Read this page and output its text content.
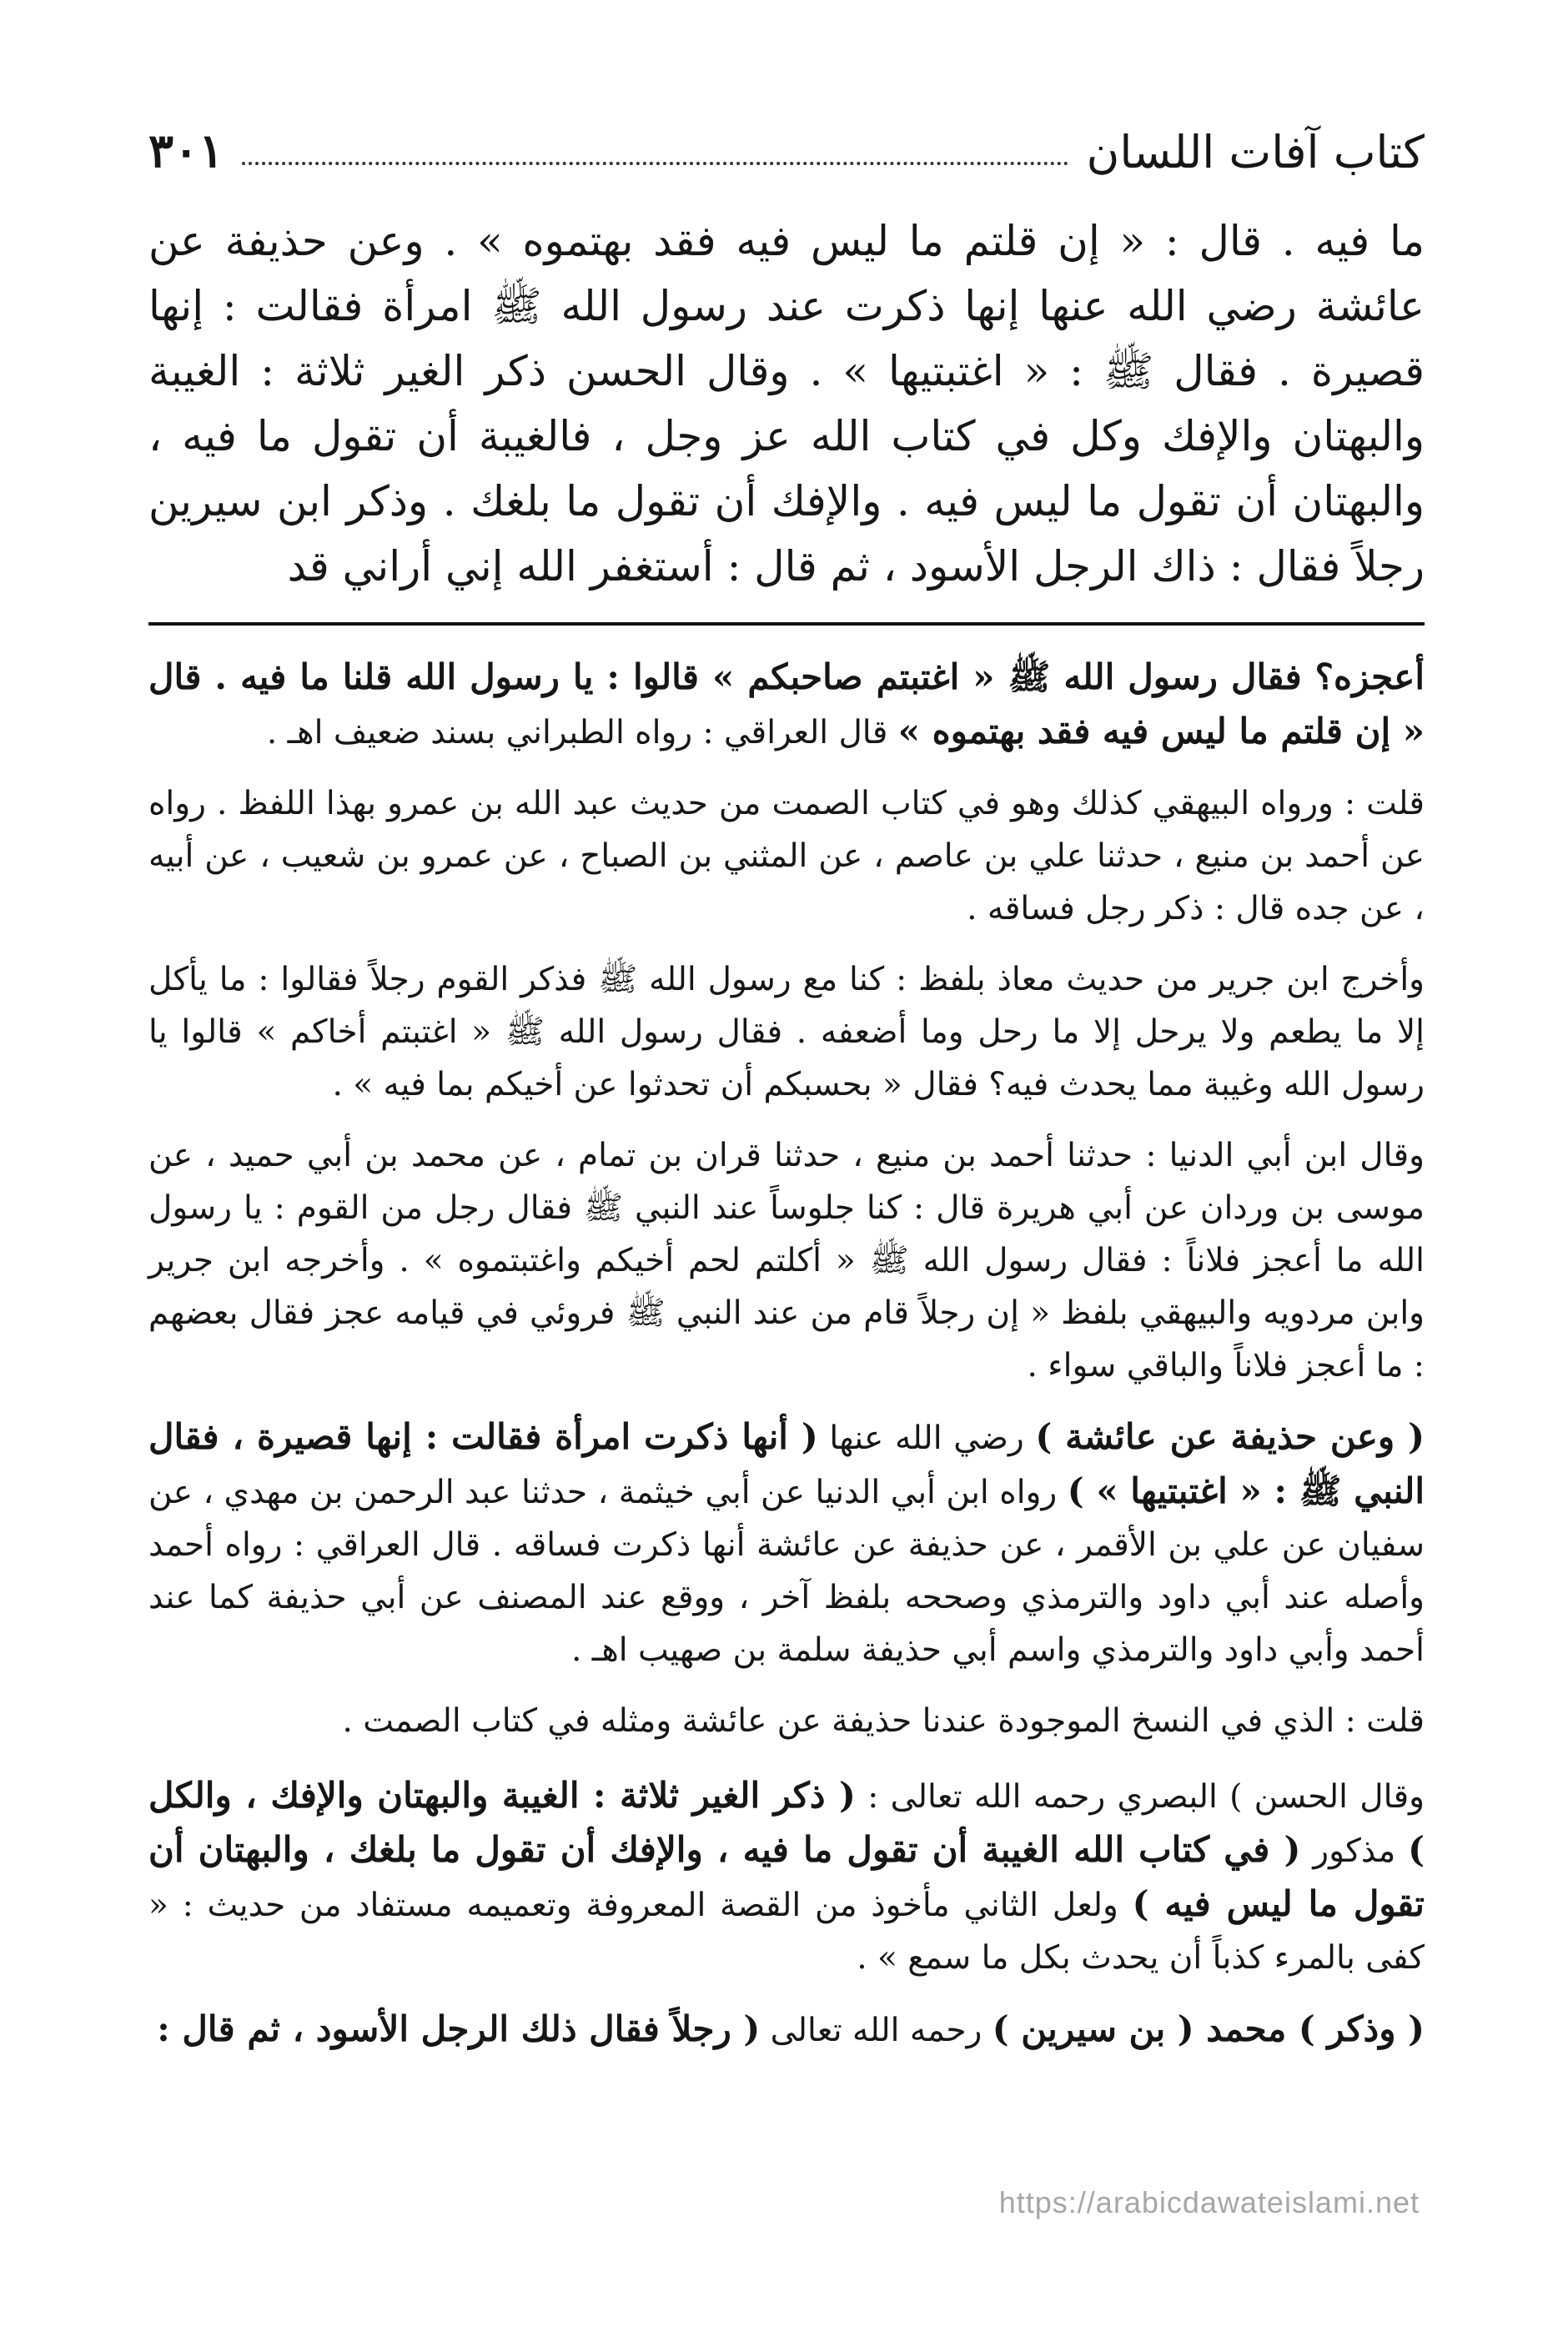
كتاب آفات اللسان
٣٠١

ما فيه . قال : « إن قلتم ما ليس فيه فقد بهتموه » . وعن حذيفة عن عائشة رضي الله عنها إنها ذكرت عند رسول الله ﷺ امرأة فقالت : إنها قصيرة . فقال ﷺ : « اغتبتيها » . وقال الحسن ذكر الغير ثلاثة : الغيبة والبهتان والإفك وكل في كتاب الله عز وجل ، فالغيبة أن تقول ما فيه ، والبهتان أن تقول ما ليس فيه . والإفك أن تقول ما بلغك . وذكر ابن سيرين رجلاً فقال : ذاك الرجل الأسود ، ثم قال : أستغفر الله إني أراني قد

أعجزه؟ فقال رسول الله ﷺ « اغتبتم صاحبكم » قالوا : يا رسول الله قلنا ما فيه . قال « إن قلتم ما ليس فيه فقد بهتموه » قال العراقي : رواه الطبراني بسند ضعيف اهـ .

قلت : ورواه البيهقي كذلك وهو في كتاب الصمت من حديث عبد الله بن عمرو بهذا اللفظ . رواه عن أحمد بن منيع ، حدثنا علي بن عاصم ، عن المثني بن الصباح ، عن عمرو بن شعيب ، عن أبيه ، عن جده قال : ذكر رجل فساقه .

وأخرج ابن جرير من حديث معاذ بلفظ : كنا مع رسول الله ﷺ فذكر القوم رجلاً فقالوا : ما يأكل إلا ما يطعم ولا يرحل إلا ما رحل وما أضعفه . فقال رسول الله ﷺ « اغتبتم أخاكم » قالوا يا رسول الله وغيبة مما يحدث فيه؟ فقال « بحسبكم أن تحدثوا عن أخيكم بما فيه » .

وقال ابن أبي الدنيا : حدثنا أحمد بن منيع ، حدثنا قران بن تمام ، عن محمد بن أبي حميد ، عن موسى بن وردان عن أبي هريرة قال : كنا جلوساً عند النبي ﷺ فقال رجل من القوم : يا رسول الله ما أعجز فلاناً : فقال رسول الله ﷺ « أكلتم لحم أخيكم واغتبتموه » . وأخرجه ابن جرير وابن مردويه والبيهقي بلفظ « إن رجلاً قام من عند النبي ﷺ فروئي في قيامه عجز فقال بعضهم : ما أعجز فلاناً والباقي سواء .

( وعن حذيفة عن عائشة ) رضي الله عنها ( أنها ذكرت امرأة فقالت : إنها قصيرة ، فقال النبي ﷺ : « اغتبتيها » ) رواه ابن أبي الدنيا عن أبي خيثمة ، حدثنا عبد الرحمن بن مهدي ، عن سفيان عن علي بن الأقمر ، عن حذيفة عن عائشة أنها ذكرت فساقه . قال العراقي : رواه أحمد وأصله عند أبي داود والترمذي وصححه بلفظ آخر ، ووقع عند المصنف عن أبي حذيفة كما عند أحمد وأبي داود والترمذي واسم أبي حذيفة سلمة بن صهيب اهـ .

قلت : الذي في النسخ الموجودة عندنا حذيفة عن عائشة ومثله في كتاب الصمت .

وقال الحسن ) البصري رحمه الله تعالى : ( ذكر الغير ثلاثة : الغيبة والبهتان والإفك ، والكل ) مذكور ( في كتاب الله الغيبة أن تقول ما فيه ، والإفك أن تقول ما بلغك ، والبهتان أن تقول ما ليس فيه ) ولعل الثاني مأخوذ من القصة المعروفة وتعميمه مستفاد من حديث : « كفى بالمرء كذباً أن يحدث بكل ما سمع » .

( وذكر ) محمد ( بن سيرين ) رحمه الله تعالى ( رجلاً فقال ذلك الرجل الأسود ، ثم قال :

https://arabicdawateislami.net
